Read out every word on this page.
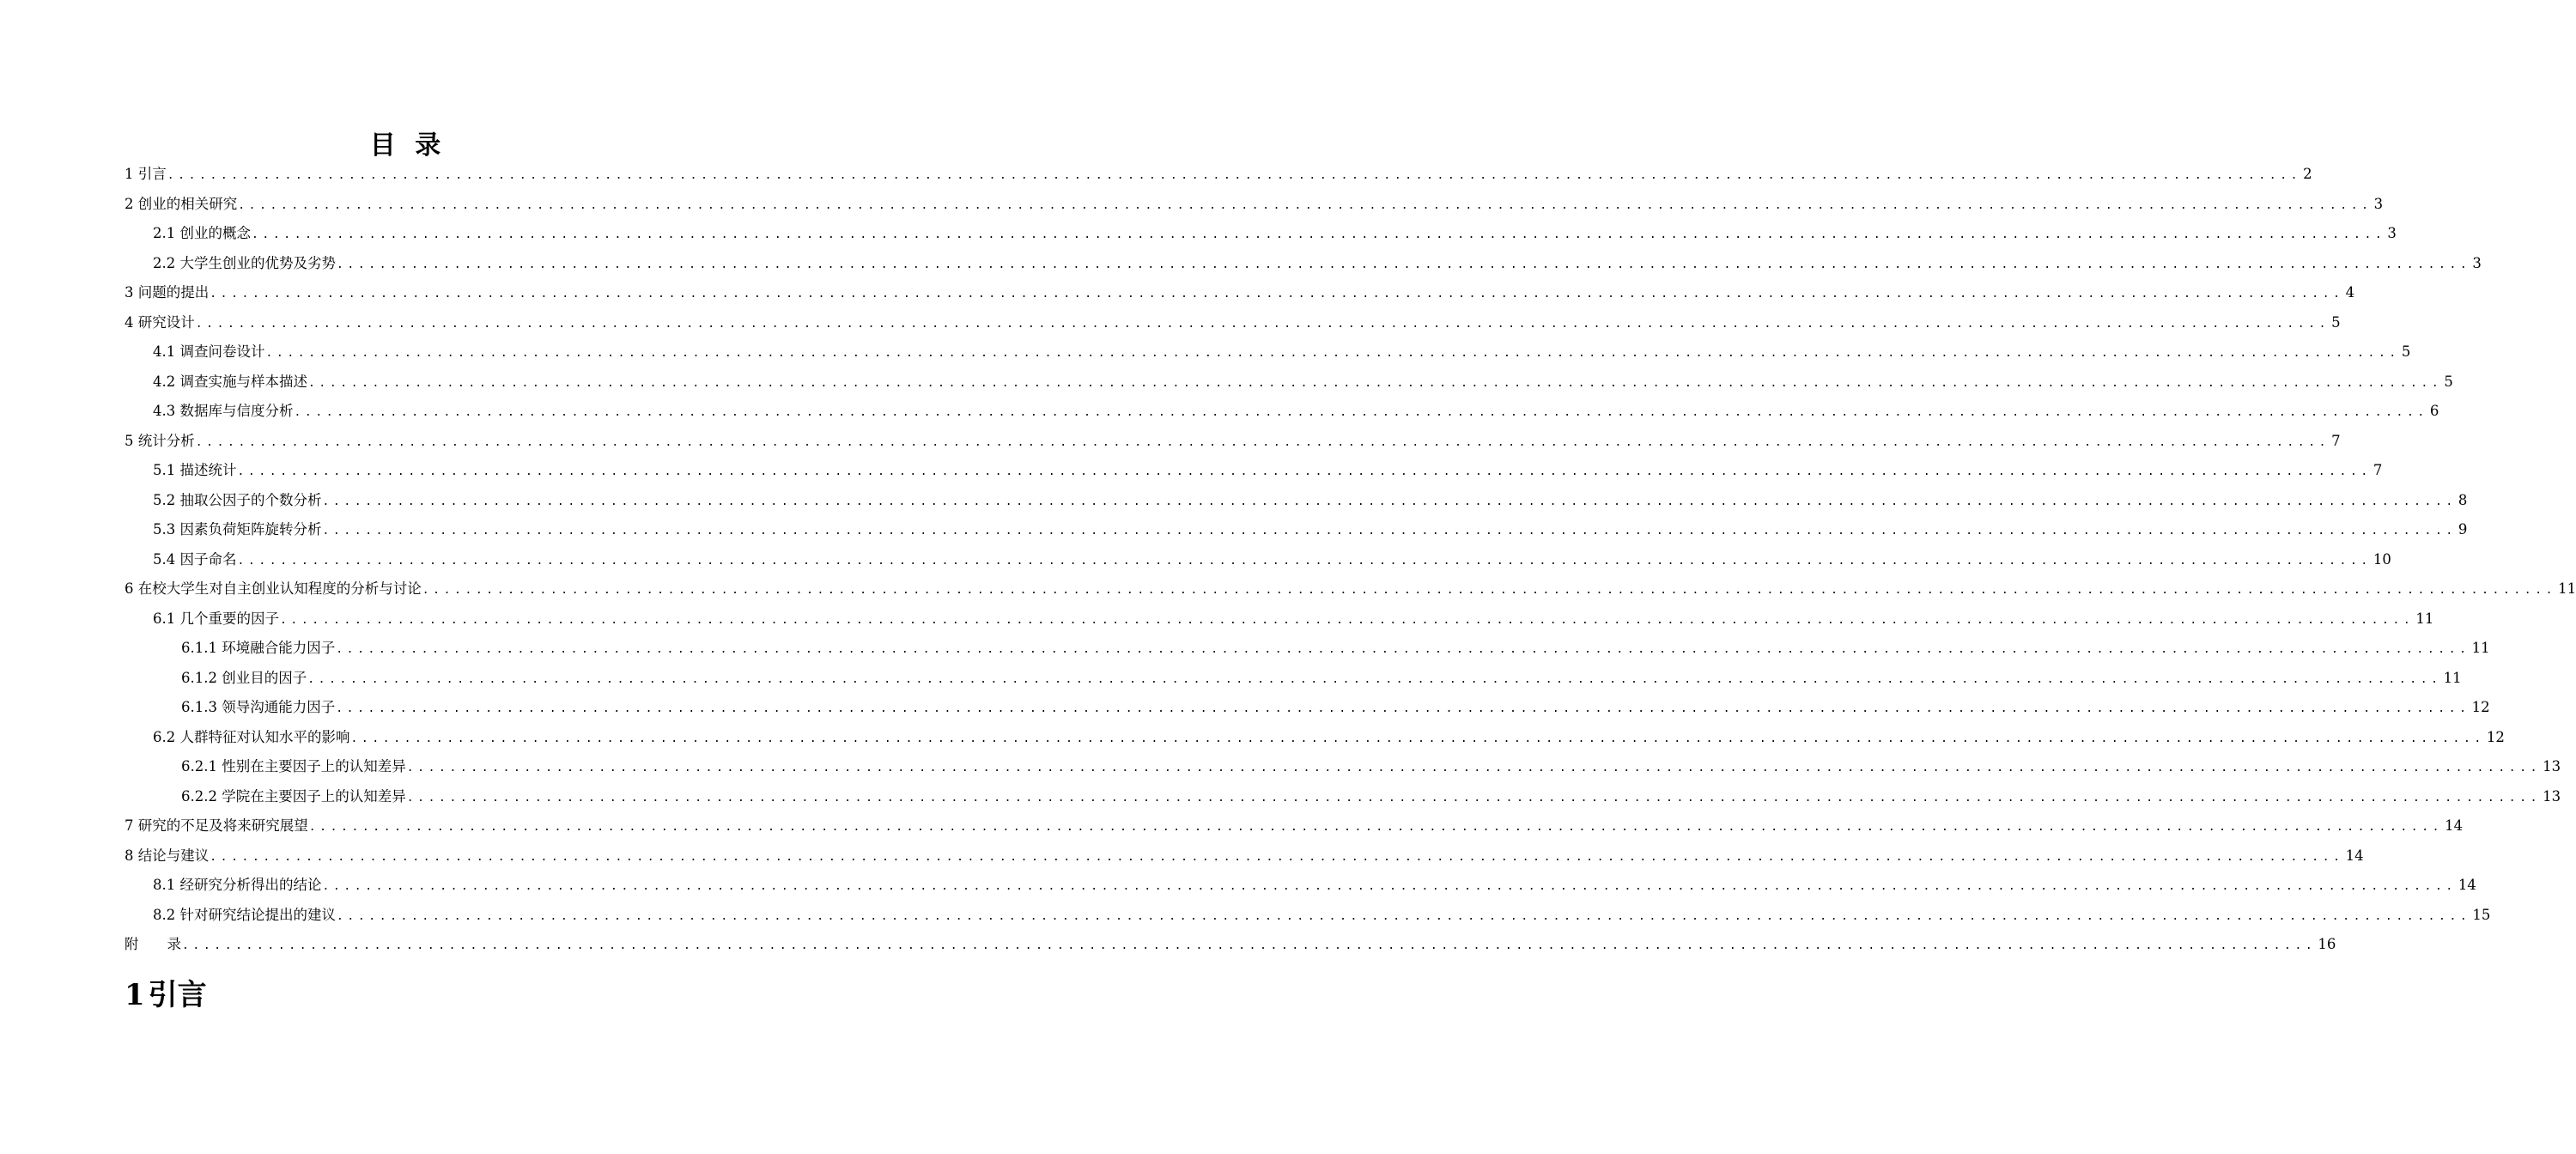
目 录
1 引言 ........................................................................................................................................................................................................ 2
2 创业的相关研究 ........................................................................................................................................................................................................ 3
2.1 创业的概念 ........................................................................................................................................................................................................ 3
2.2 大学生创业的优势及劣势 ........................................................................................................................................................................................................ 3
3 问题的提出 ........................................................................................................................................................................................................ 4
4 研究设计 ........................................................................................................................................................................................................ 5
4.1 调查问卷设计 ........................................................................................................................................................................................................ 5
4.2 调查实施与样本描述 ........................................................................................................................................................................................................ 5
4.3 数据库与信度分析 ........................................................................................................................................................................................................ 6
5 统计分析 ........................................................................................................................................................................................................ 7
5.1 描述统计 ........................................................................................................................................................................................................ 7
5.2 抽取公因子的个数分析 ........................................................................................................................................................................................................ 8
5.3 因素负荷矩阵旋转分析 ........................................................................................................................................................................................................ 9
5.4 因子命名 ........................................................................................................................................................................................................ 10
6 在校大学生对自主创业认知程度的分析与讨论 ........................................................................................................................................................................................................ 11
6.1 几个重要的因子 ........................................................................................................................................................................................................ 11
6.1.1 环境融合能力因子 ........................................................................................................................................................................................................ 11
6.1.2 创业目的因子 ........................................................................................................................................................................................................ 11
6.1.3 领导沟通能力因子 ........................................................................................................................................................................................................ 12
6.2 人群特征对认知水平的影响 ........................................................................................................................................................................................................ 12
6.2.1 性别在主要因子上的认知差异 ........................................................................................................................................................................................................ 13
6.2.2 学院在主要因子上的认知差异 ........................................................................................................................................................................................................ 13
7 研究的不足及将来研究展望 ........................................................................................................................................................................................................ 14
8 结论与建议 ........................................................................................................................................................................................................ 14
8.1 经研究分析得出的结论 ........................................................................................................................................................................................................ 14
8.2 针对研究结论提出的建议 ........................................................................................................................................................................................................ 15
附　　录 ........................................................................................................................................................................................................ 16
1 引言
